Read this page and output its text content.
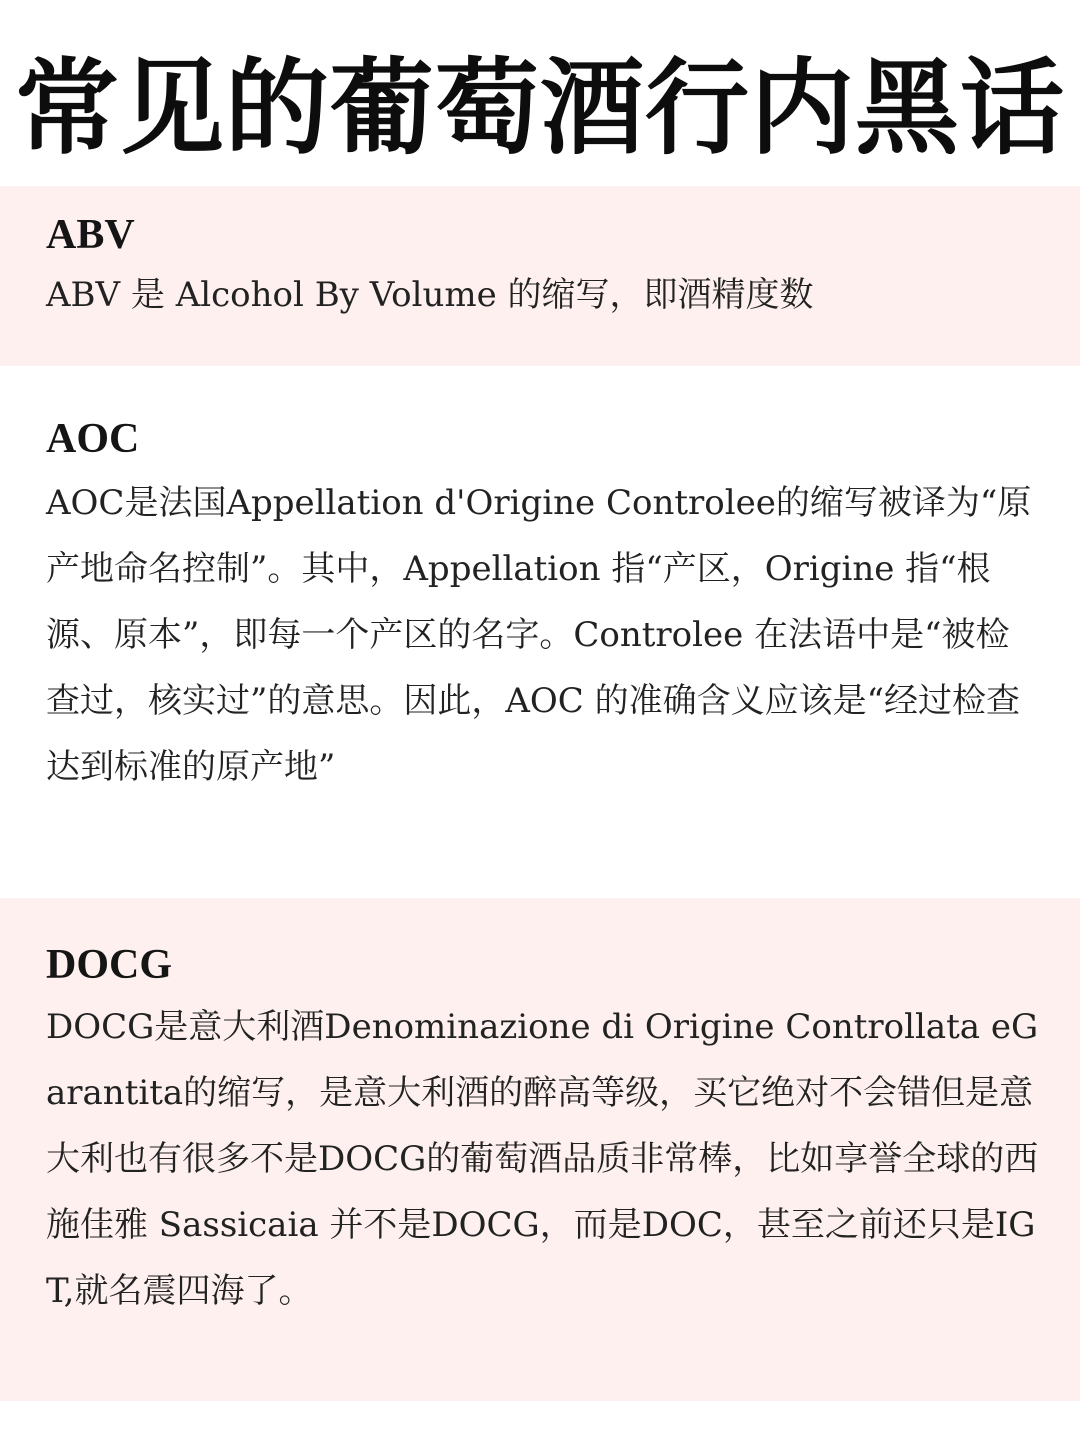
常见的葡萄酒行内黑话

ABV

ABV 是 Alcohol By Volume 的缩写，即酒精度数

AOC

AOC是法国Appellation d'Origine Controlee的缩写被译为“原产地命名控制”。其中，Appellation 指“产区，Origine 指“根源、原本”，即每一个产区的名字。Controlee 在法语中是“被检查过，核实过”的意思。因此，AOC 的准确含义应该是“经过检查达到标准的原产地”

DOCG

DOCG是意大利酒Denominazione di Origine Controllata eGarantita的缩写，是意大利酒的醉高等级，买它绝对不会错但是意大利也有很多不是DOCG的葡萄酒品质非常棒，比如享誉全球的西施佳雅 Sassicaia 并不是DOCG，而是DOC，甚至之前还只是IGT,就名震四海了。
